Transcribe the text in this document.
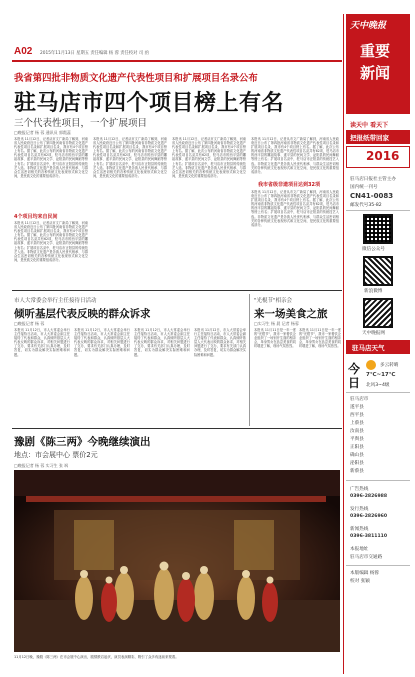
A02 2015年11月13日 星期五 责任编辑 杨 蓉 责任校对 司 函
天中晚报
重要
新闻
我省第四批非物质文化遗产代表性项目和扩展项目名录公布
驻马店市四个项目榜上有名
三个代表性项目，一个扩展项目
□晚报记者 杨 蓉 通讯员 郭霞蕊
本报讯 11月12日，记者从市文广新局了解到，河南省人民政府近日公布了第四批河南省非物质文化遗产代表性项目名录和扩展项目名录，我市有4个项目榜上有名。据了解，此次公布的河南省非物质文化遗产代表性项目名录共有62项，驻马店市的西平县的嫘祖故事、遂平县的民间文学、泌阳县的民间舞蹈等榜上有名；扩展项目名录中，驻马店市正阳县的传统技艺入选。非物质文化遗产是各族人民世代相承、与群众生活密切相关的各种传统文化表现形式和文化空间，是民族文化的重要组成部分。
4个项目均来自民间
本报讯 11月12日，记者从市文广新局了解到，河南省人民政府近日公布了第四批河南省非物质文化遗产代表性项目名录和扩展项目名录，我市有4个项目榜上有名。据了解，此次公布的河南省非物质文化遗产代表性项目名录共有62项，驻马店市的西平县的嫘祖故事、遂平县的民间文学、泌阳县的民间舞蹈等榜上有名；扩展项目名录中，驻马店市正阳县的传统技艺入选。非物质文化遗产是各族人民世代相承、与群众生活密切相关的各种传统文化表现形式和文化空间，是民族文化的重要组成部分。
本报讯 11月12日，记者从市文广新局了解到，河南省人民政府近日公布了第四批河南省非物质文化遗产代表性项目名录和扩展项目名录，我市有4个项目榜上有名。据了解，此次公布的河南省非物质文化遗产代表性项目名录共有62项，驻马店市的西平县的嫘祖故事、遂平县的民间文学、泌阳县的民间舞蹈等榜上有名；扩展项目名录中，驻马店市正阳县的传统技艺入选。非物质文化遗产是各族人民世代相承、与群众生活密切相关的各种传统文化表现形式和文化空间，是民族文化的重要组成部分。
本报讯 11月12日，记者从市文广新局了解到，河南省人民政府近日公布了第四批河南省非物质文化遗产代表性项目名录和扩展项目名录，我市有4个项目榜上有名。据了解，此次公布的河南省非物质文化遗产代表性项目名录共有62项，驻马店市的西平县的嫘祖故事、遂平县的民间文学、泌阳县的民间舞蹈等榜上有名；扩展项目名录中，驻马店市正阳县的传统技艺入选。非物质文化遗产是各族人民世代相承、与群众生活密切相关的各种传统文化表现形式和文化空间，是民族文化的重要组成部分。
本报讯 11月12日，记者从市文广新局了解到，河南省人民政府近日公布了第四批河南省非物质文化遗产代表性项目名录和扩展项目名录，我市有4个项目榜上有名。据了解，此次公布的河南省非物质文化遗产代表性项目名录共有62项，驻马店市的西平县的嫘祖故事、遂平县的民间文学、泌阳县的民间舞蹈等榜上有名；扩展项目名录中，驻马店市正阳县的传统技艺入选。非物质文化遗产是各族人民世代相承、与群众生活密切相关的各种传统文化表现形式和文化空间，是民族文化的重要组成部分。
我市省级非遗项目达到32项
本报讯 11月12日，记者从市文广新局了解到，河南省人民政府近日公布了第四批河南省非物质文化遗产代表性项目名录和扩展项目名录，我市有4个项目榜上有名。据了解，此次公布的河南省非物质文化遗产代表性项目名录共有62项，驻马店市的西平县的嫘祖故事、遂平县的民间文学、泌阳县的民间舞蹈等榜上有名；扩展项目名录中，驻马店市正阳县的传统技艺入选。非物质文化遗产是各族人民世代相承、与群众生活密切相关的各种传统文化表现形式和文化空间，是民族文化的重要组成部分。
市人大常委会举行主任接待日活动
倾听基层代表反映的群众诉求
□晚报记者 杨 蓉
本报讯 11月12日，市人大常委会举行主任接待日活动，市人大常委会副主任接待了代表和群众，认真倾听基层人大代表反映的群众诉求，对相关问题进行了交办，要求有关部门认真办理，及时答复，切实为群众解决实际困难和问题。
本报讯 11月12日，市人大常委会举行主任接待日活动，市人大常委会副主任接待了代表和群众，认真倾听基层人大代表反映的群众诉求，对相关问题进行了交办，要求有关部门认真办理，及时答复，切实为群众解决实际困难和问题。
本报讯 11月12日，市人大常委会举行主任接待日活动，市人大常委会副主任接待了代表和群众，认真倾听基层人大代表反映的群众诉求，对相关问题进行了交办，要求有关部门认真办理，及时答复，切实为群众解决实际困难和问题。
本报讯 11月12日，市人大常委会举行主任接待日活动，市人大常委会副主任接待了代表和群众，认真倾听基层人大代表反映的群众诉求，对相关问题进行了交办，要求有关部门认真办理，及时答复，切实为群众解决实际困难和问题。
"光棍节"相亲会
来一场美食之旅
□实习生 杨 晨 记者 杨蓉
本报讯 11月11日是一年一度的"光棍节"，我市一家餐饮企业组织了一场别开生面的相亲会，单身男女在品尝美食的同时增进了解，现场气氛热烈。
本报讯 11月11日是一年一度的"光棍节"，我市一家餐饮企业组织了一场别开生面的相亲会，单身男女在品尝美食的同时增进了解，现场气氛热烈。
豫剧《陈三两》今晚继续演出
地点：市会展中心 票价2元
□晚报记者 杨 蓉 实习生 张 飒
11月12日晚，豫剧《陈三两》在市会展中心演出，剧情跌宕起伏，演员表演精彩，吸引了众多戏迷前来观看。
读天中 看天下
把报纸带回家
2016
驻马店日报社主管主办
国内统一刊号
CN41-0083
邮发代号35-82
微信公众号
新浪微博
天中晚报网
驻马店天气
今
日
多云转晴
7℃~17℃
北风3~4级
驻马店市
遂平县
西平县
上蔡县
汝南县
平舆县
正阳县
确山县
泌阳县
新蔡县
广告热线
0396-2826988
发行热线
0396-2826960
新闻热线
0396-3811110
本报地址
驻马店市交通路
本版编辑 杨蓉
校对 张颖
